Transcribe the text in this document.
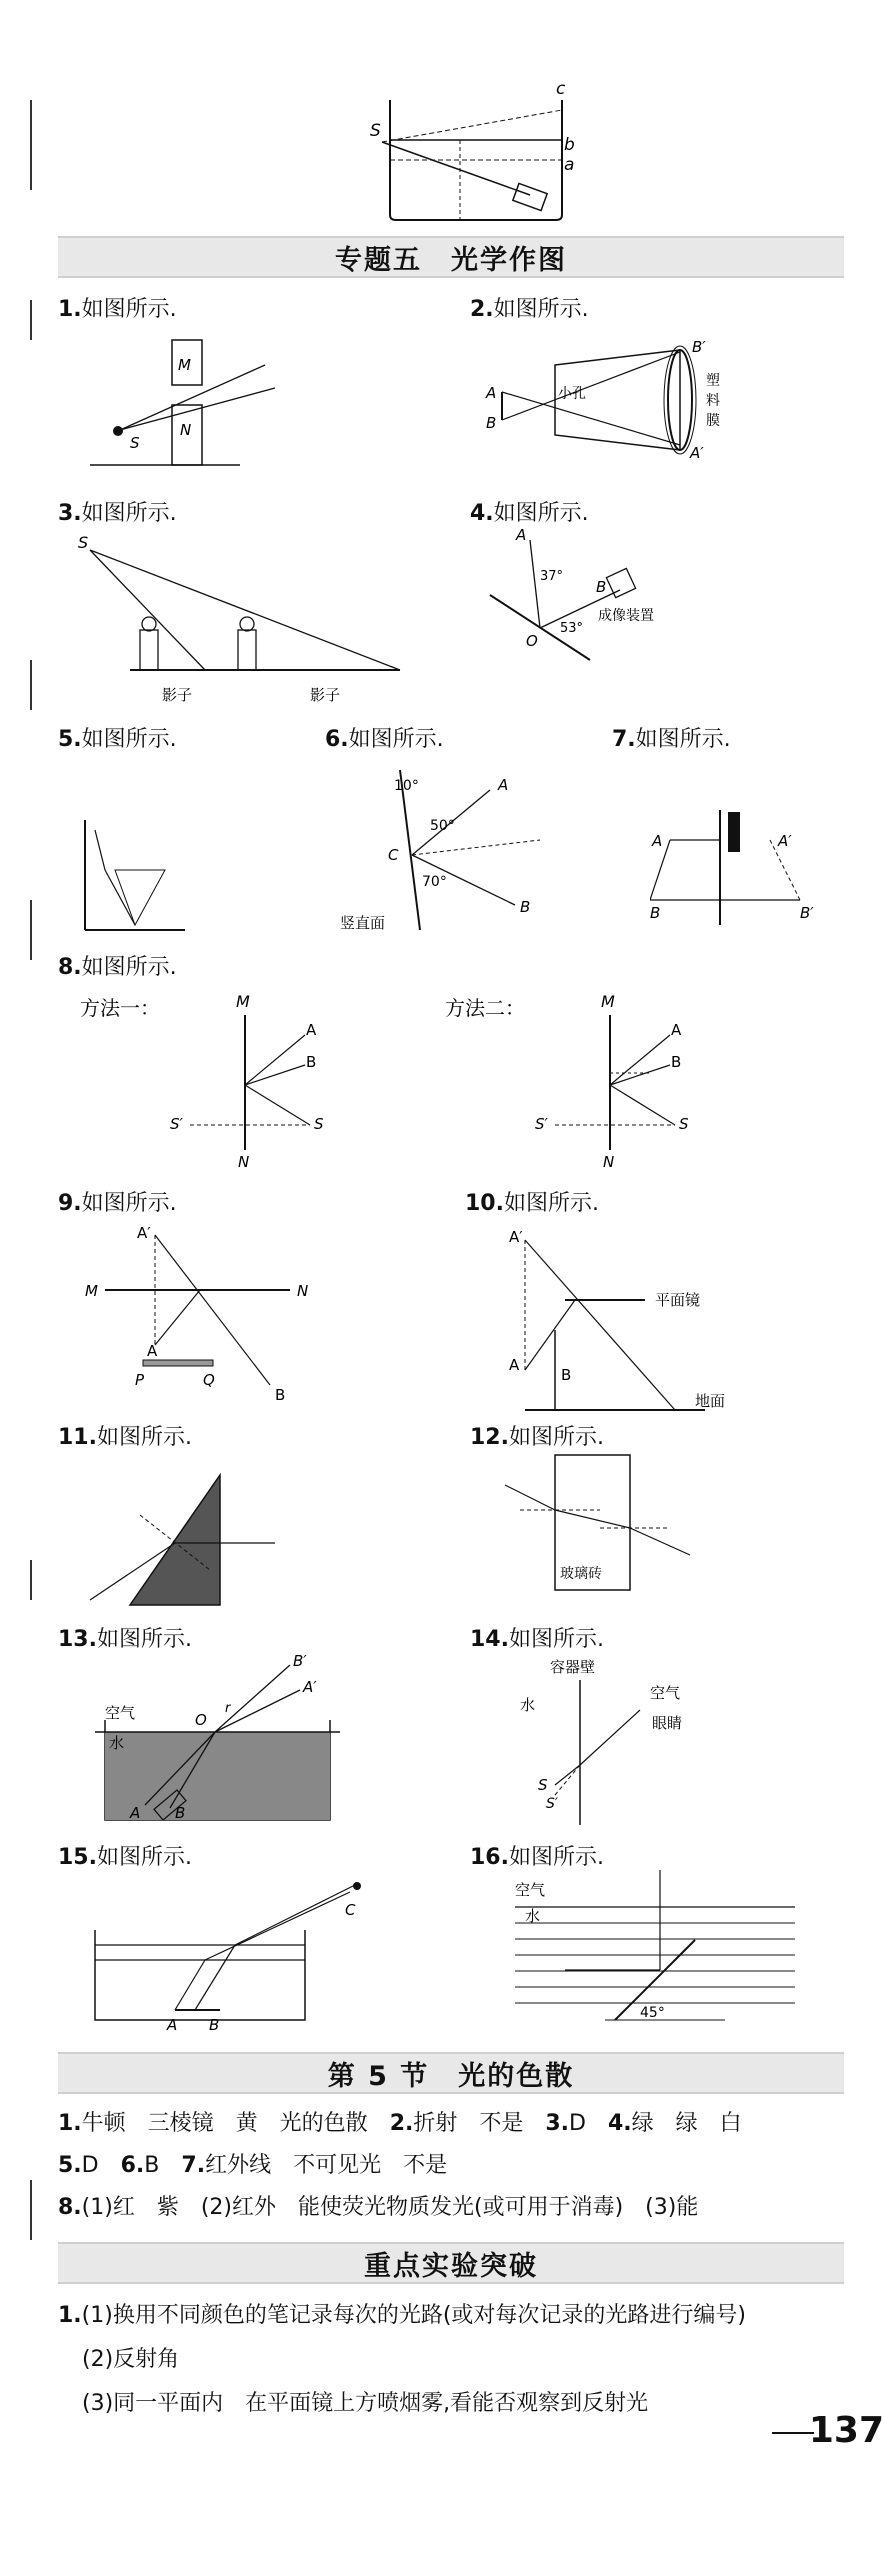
S
c
b
a
专题五　光学作图
1.如图所示.	2.如图所示.
M
N
S
A
B
B′
A′
小孔
塑
料
膜
3.如图所示.	4.如图所示.
S
影子	影子
A
B
O
37°
53°
成像装置
5.如图所示.	6.如图所示.	7.如图所示.
10°
50°
70°
A
B
C
竖直面
A	A′
B	B′
8.如图所示.
方法一：	M
A
B
S′
N
S
方法二：	M
A
B
S′
N
S
9.如图所示.	10.如图所示.
A′
M	N
A
P	Q
B
A′
平面镜
A
B
地面
11.如图所示.	12.如图所示.
玻璃砖
13.如图所示.	14.如图所示.
空气
水
O
r
B′
A′
A B
容器壁
水
空气
眼睛
S
S′
15.如图所示.	16.如图所示.
C
A B
空气
水
45°
第 5 节　光的色散
1.牛顿　三棱镜　黄　光的色散　2.折射　不是　3.D　4.绿　绿　白
5.D　6.B　7.红外线　不可见光　不是
8.(1)红　紫　(2)红外　能使荧光物质发光(或可用于消毒)　(3)能
重点实验突破
1.(1)换用不同颜色的笔记录每次的光路(或对每次记录的光路进行编号)
(2)反射角
(3)同一平面内　在平面镜上方喷烟雾,看能否观察到反射光
137
